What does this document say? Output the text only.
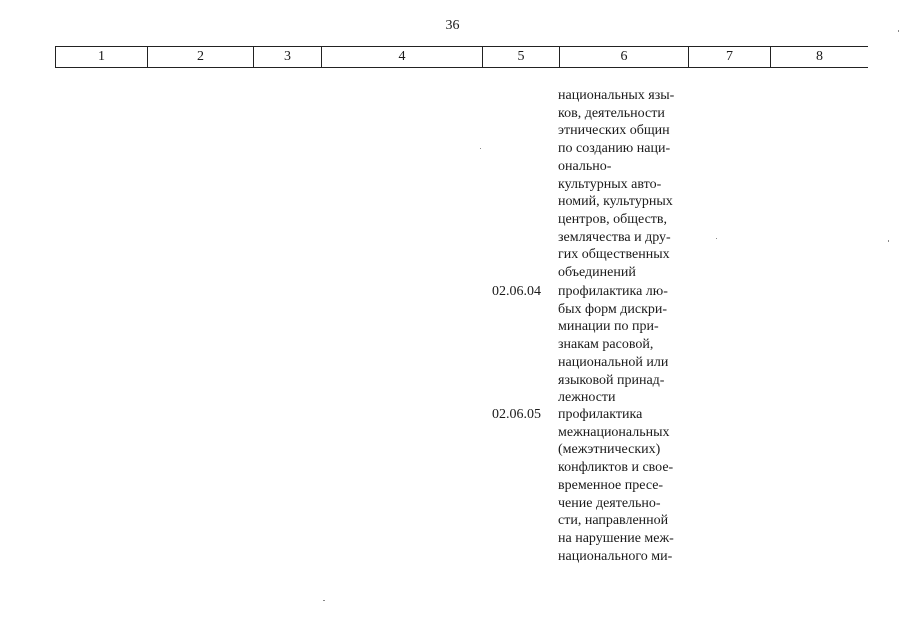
36
1	2	3	4	5	6	7	8
национальных язы-
ков, деятельности
этнических общин
по созданию наци-
онально-
культурных авто-
номий, культурных
центров, обществ,
землячества и дру-
гих общественных
объединений
02.06.04 профилактика лю-
бых форм дискри-
минации по при-
знакам расовой,
национальной или
языковой принад-
лежности
02.06.05 профилактика
межнациональных
(межэтнических)
конфликтов и свое-
временное пресе-
чение деятельно-
сти, направленной
на нарушение меж-
национального ми-
